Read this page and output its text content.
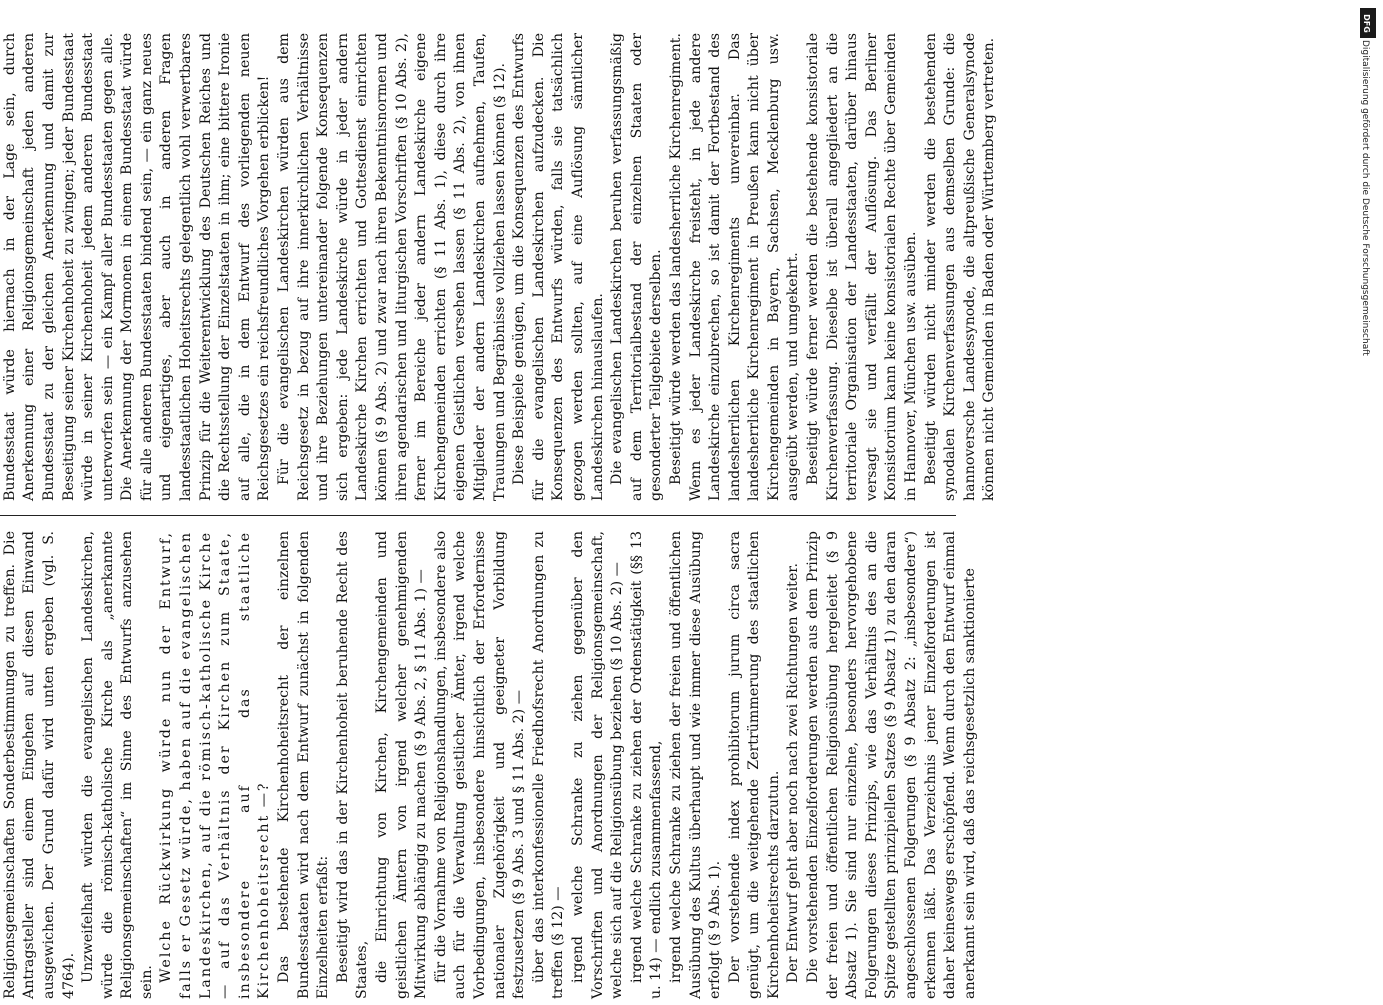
Religionsgemeinschaften Sonderbestimmungen zu treffen. Die Antragsteller sind einem Eingehen auf diesen Einwand ausgewichen. Der Grund dafür wird unten ergeben (vgl. S. 4764). Unzweifelhaft würden die evangelischen Landeskirchen, würde die römisch-katholische Kirche als „anerkannte Religionsgemeinschaften“ im Sinne des Entwurfs anzusehen sein. Welche Rückwirkung würde nun der Entwurf, falls er Gesetz würde, haben auf die evangelischen Landeskirchen, auf die römisch-katholische Kirche — auf das Verhältnis der Kirchen zum Staate, insbesondere auf das staatliche Kirchenhoheitsrecht —? Das bestehende Kirchenhoheitsrecht der einzelnen Bundesstaaten wird nach dem Entwurf zunächst in folgenden Einzelheiten erfaßt: Beseitigt wird das in der Kirchenhoheit beruhende Recht des Staates, die Einrichtung von Kirchen, Kirchengemeinden und geistlichen Ämtern von irgend welcher genehmigenden Mitwirkung abhängig zu machen (§ 9 Abs. 2, § 11 Abs. 1) — für die Vornahme von Religionshandlungen, insbesondere also auch für die Verwaltung geistlicher Ämter, irgend welche Vorbedingungen, insbesondere hinsichtlich der Erfordernisse nationaler Zugehörigkeit und geeigneter Vorbildung festzusetzen (§ 9 Abs. 3 und § 11 Abs. 2) — über das interkonfessionelle Friedhofsrecht Anordnungen zu treffen (§ 12) — irgend welche Schranke zu ziehen gegenüber den Vorschriften und Anordnungen der Religionsgemeinschaft, welche sich auf die Religionsübung beziehen (§ 10 Abs. 2) — irgend welche Schranke zu ziehen der Ordenstätigkeit (§§ 13 u. 14) — endlich zusammenfassend, irgend welche Schranke zu ziehen der freien und öffentlichen Ausübung des Kultus überhaupt und wie immer diese Ausübung erfolgt (§ 9 Abs. 1). Der vorstehende index prohibitorum jurum circa sacra genügt, um die weitgehende Zertrümmerung des staatlichen Kirchenhoheitsrechts darzutun. Der Entwurf geht aber noch nach zwei Richtungen weiter. Die vorstehenden Einzelforderungen werden aus dem Prinzip der freien und öffentlichen Religionsübung hergeleitet (§ 9 Absatz 1). Sie sind nur einzelne, besonders hervorgehobene Folgerungen dieses Prinzips, wie das Verhältnis des an die Spitze gestellten prinzipiellen Satzes (§ 9 Absatz 1) zu den daran angeschlossenen Folgerungen (§ 9 Absatz 2: „insbesondere“) erkennen läßt. Das Verzeichnis jener Einzelforderungen ist daher keineswegs erschöpfend. Wenn durch den Entwurf einmal anerkannt sein wird, daß das reichsgesetzlich sanktionierte

Bundesstaat würde hiernach in der Lage sein, durch Anerkennung einer Religionsgemeinschaft jeden anderen Bundesstaat zu der gleichen Anerkennung und damit zur Beseitigung seiner Kirchenhoheit zu zwingen; jeder Bundesstaat würde in seiner Kirchenhoheit jedem anderen Bundesstaat unterworfen sein — ein Kampf aller Bundesstaaten gegen alle. Die Anerkennung der Mormonen in einem Bundesstaat würde für alle anderen Bundesstaaten bindend sein, — ein ganz neues und eigenartiges, aber auch in anderen Fragen landesstaatlichen Hoheitsrechts gelegentlich wohl verwertbares Prinzip für die Weiterentwicklung des Deutschen Reiches und die Rechtsstellung der Einzelstaaten in ihm; eine bittere Ironie auf alle, die in dem Entwurf des vorliegenden neuen Reichsgesetzes ein reichsfreundliches Vorgehen erblicken! Für die evangelischen Landeskirchen würden aus dem Reichsgesetz in bezug auf ihre innerkirchlichen Verhältnisse und ihre Beziehungen untereinander folgende Konsequenzen sich ergeben: jede Landeskirche würde in jeder andern Landeskirche Kirchen errichten und Gottesdienst einrichten können (§ 9 Abs. 2) und zwar nach ihren Bekenntnisnormen und ihren agendarischen und liturgischen Vorschriften (§ 10 Abs. 2), ferner im Bereiche jeder andern Landeskirche eigene Kirchengemeinden errichten (§ 11 Abs. 1), diese durch ihre eigenen Geistlichen versehen lassen (§ 11 Abs. 2), von ihnen Mitglieder der andern Landeskirchen aufnehmen, Taufen, Trauungen und Begräbnisse vollziehen lassen können (§ 12). Diese Beispiele genügen, um die Konsequenzen des Entwurfs für die evangelischen Landeskirchen aufzudecken. Die Konsequenzen des Entwurfs würden, falls sie tatsächlich gezogen werden sollten, auf eine Auflösung sämtlicher Landeskirchen hinauslaufen. Die evangelischen Landeskirchen beruhen verfassungsmäßig auf dem Territorialbestand der einzelnen Staaten oder gesonderter Teilgebiete derselben. Beseitigt würde werden das landesherrliche Kirchenregiment. Wenn es jeder Landeskirche freisteht, in jede andere Landeskirche einzubrechen, so ist damit der Fortbestand des landesherrlichen Kirchenregiments unvereinbar. Das landesherrliche Kirchenregiment in Preußen kann nicht über Kirchengemeinden in Bayern, Sachsen, Mecklenburg usw. ausgeübt werden, und umgekehrt. Beseitigt würde ferner werden die bestehende konsistoriale Kirchenverfassung. Dieselbe ist überall angegliedert an die territoriale Organisation der Landesstaaten, darüber hinaus versagt sie und verfällt der Auflösung. Das Berliner Konsistorium kann keine konsistorialen Rechte über Gemeinden in Hannover, München usw. ausüben. Beseitigt würden nicht minder werden die bestehenden synodalen Kirchenverfassungen aus demselben Grunde: die hannoversche Landessynode, die altpreußische Generalsynode können nicht Gemeinden in Baden oder Württemberg vertreten.

DFG
Digitalisierung gefördert durch die Deutsche Forschungsgemeinschaft
